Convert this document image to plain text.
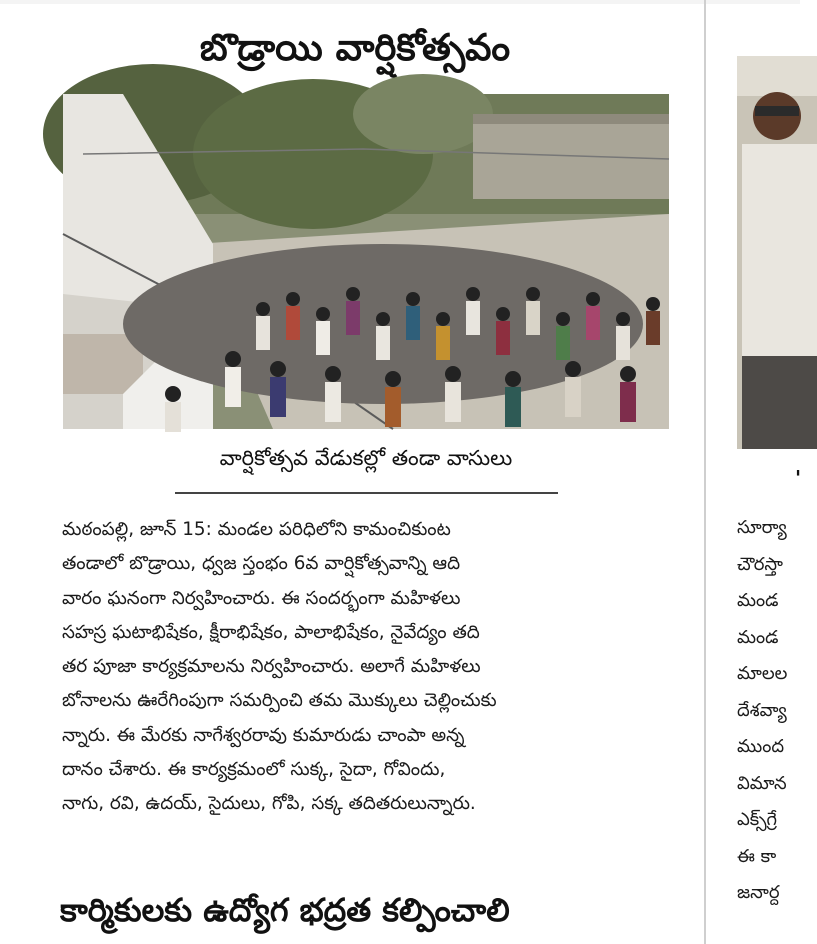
బొడ్రాయి వార్షికోత్సవం

వార్షికోత్సవ వేడుకల్లో తండా వాసులు

మఠంపల్లి, జూన్ 15: మండల పరిధిలోని కామంచికుంట
తండాలో బొడ్రాయి, ధ్వజ స్తంభం 6వ వార్షికోత్సవాన్ని ఆది
వారం ఘనంగా నిర్వహించారు. ఈ సందర్భంగా మహిళలు
సహస్ర ఘటాభిషేకం, క్షీరాభిషేకం, పాలాభిషేకం, నైవేద్యం తది
తర పూజా కార్యక్రమాలను నిర్వహించారు. అలాగే మహిళలు
బోనాలను ఊరేగింపుగా సమర్పించి తమ మొక్కులు చెల్లించుకు
న్నారు. ఈ మేరకు నాగేశ్వరరావు కుమారుడు చాంపా అన్న
దానం చేశారు. ఈ కార్యక్రమంలో సుక్క, సైదా, గోవిందు,
నాగు, రవి, ఉదయ్, సైదులు, గోపి, సక్క తదితరులున్నారు.

కార్మికులకు ఉద్యోగ భద్రత కల్పించాలి
'

సూర్యా
చౌరస్తా
మండ
మండ
మాలల
దేశవ్యా
ముంద
విమాన
ఎక్స్‌గ్రే
ఈ కా
జనార్ద
